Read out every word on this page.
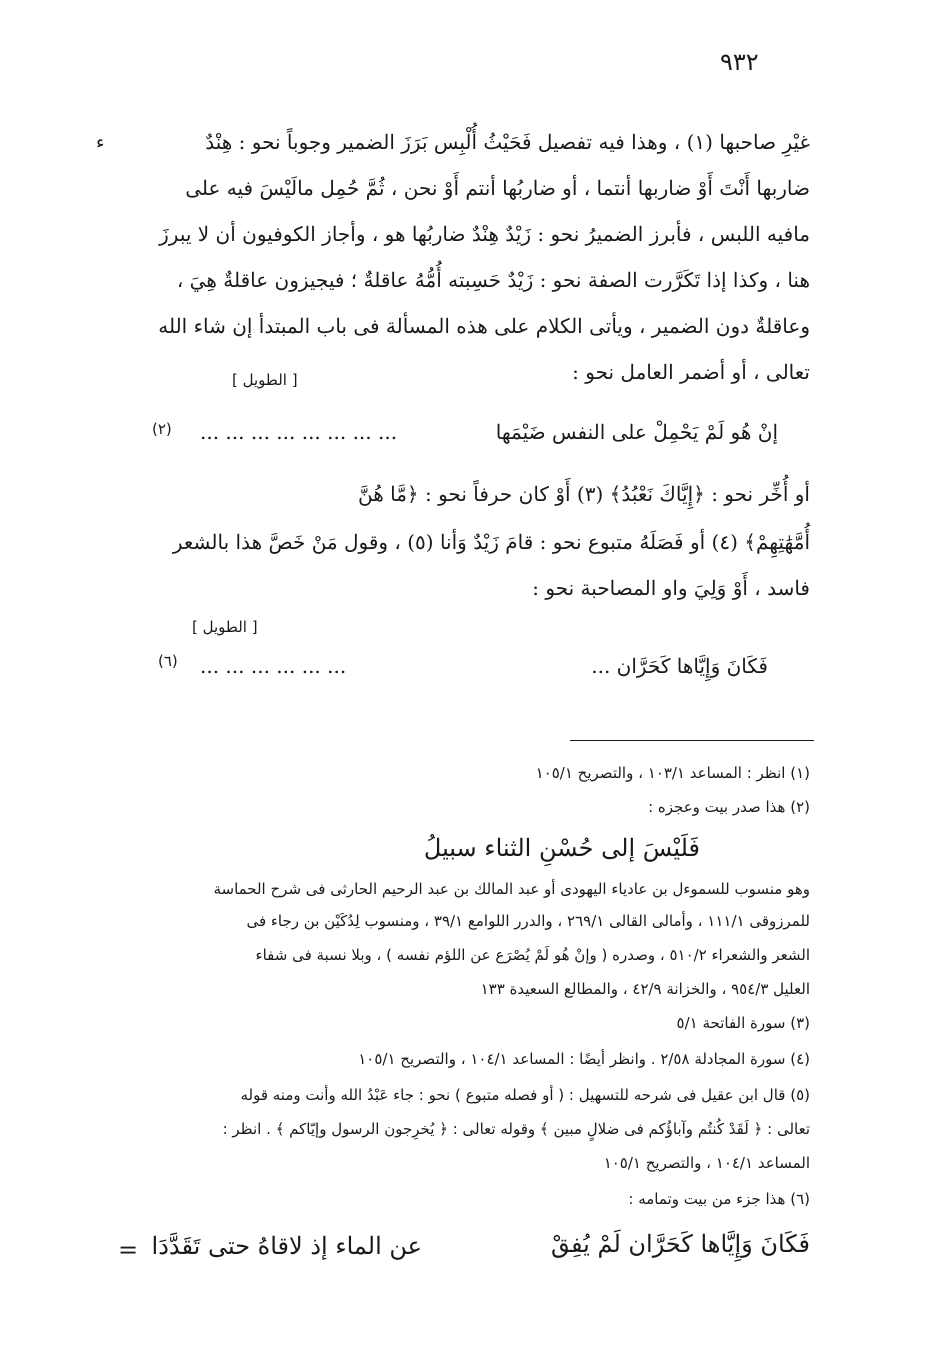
٩٣٢
ء	غيْرِ صاحبها (١) ، وهذا فيه تفصيل فَحَيْثُ أُلْبِس بَرَزَ الضمير وجوباً نحو : هِنْدٌ
ضاربها أَنْتَ أَوْ ضاربها أنتما ، أو ضاربُها أنتم أَوْ نحن ، ثُمَّ حُمِل مالَيْسَ فيه على
مافيه اللبس ، فأبرز الضميرُ نحو : زَيْدٌ هِنْدٌ ضاربُها هو ، وأجاز الكوفيون أن لا يبرزَ
هنا ، وكذا إذا تَكَرَّرت الصفة نحو : زَيْدٌ حَسِبته أُمُّهُ عاقلةٌ ؛ فيجيزون عاقلةٌ هِيَ ،
وعاقلةٌ دون الضمير ، ويأتى الكلام على هذه المسألة فى باب المبتدأ إن شاء الله
تعالى ، أو أضمر العامل نحو :
[ الطويل ]
إنْ هُو لَمْ يَحْمِلْ على النفس ضَيْمَها
... ... ... ... ... ... ... ...
(٢)
أو أُخِّر نحو : ﴿إِيَّاكَ نَعْبُدُ﴾ (٣) أَوْ كان حرفاً نحو : ﴿مَّا هُنَّ
أُمَّهَٰتِهِمْ﴾ (٤) أو فَصَلَهُ متبوع نحو : قامَ زَيْدٌ وَأنا (٥) ، وقول مَنْ خَصَّ هذا بالشعر
فاسد ، أَوْ وَلِيَ واو المصاحبة نحو :
[ الطويل ]
فَكَانَ وَإِيَّاها كَحَرَّان ...
... ... ... ... ... ...
(٦)
(١) انظر : المساعد ١٠٣/١ ، والتصريح ١٠٥/١
(٢) هذا صدر بيت وعجزه :
فَلَيْسَ إلى حُسْنِ الثناء سبيلُ
وهو منسوب للسموءل بن عادياء اليهودى أو عبد المالك بن عبد الرحيم الحارثى فى شرح الحماسة
للمرزوقى ١١١/١ ، وأمالى القالى ٢٦٩/١ ، والدرر اللوامع ٣٩/١ ، ومنسوب لِدُكَيْن بن رجاء فى
الشعر والشعراء ٥١٠/٢ ، وصدره ( وإنْ هُو لَمْ يُصْرَع عن اللؤم نفسه ) ، وبلا نسبة فى شفاء
العليل ٩٥٤/٣ ، والخزانة ٤٢/٩ ، والمطالع السعيدة ١٣٣
(٣) سورة الفاتحة ٥/١
(٤) سورة المجادلة ٢/٥٨ . وانظر أيضًا : المساعد ١٠٤/١ ، والتصريح ١٠٥/١
(٥) قال ابن عقيل فى شرحه للتسهيل : ( أو فصله متبوع ) نحو : جاء عَبْدُ الله وأنت ومنه قوله
تعالى : ﴿ لَقَدْ كُنتُم وآباؤُكم فى ضلالٍ مبين ﴾ وقوله تعالى : ﴿ يُخرِجون الرسول وإيّاكم ﴾ . انظر :
المساعد ١٠٤/١ ، والتصريح ١٠٥/١
(٦) هذا جزء من بيت وتمامه :
فَكَانَ وَإِيَّاها كَحَرَّان لَمْ يُفِقْ
عن الماء إذ لاقاهُ حتى تَقَدَّدَا
=
